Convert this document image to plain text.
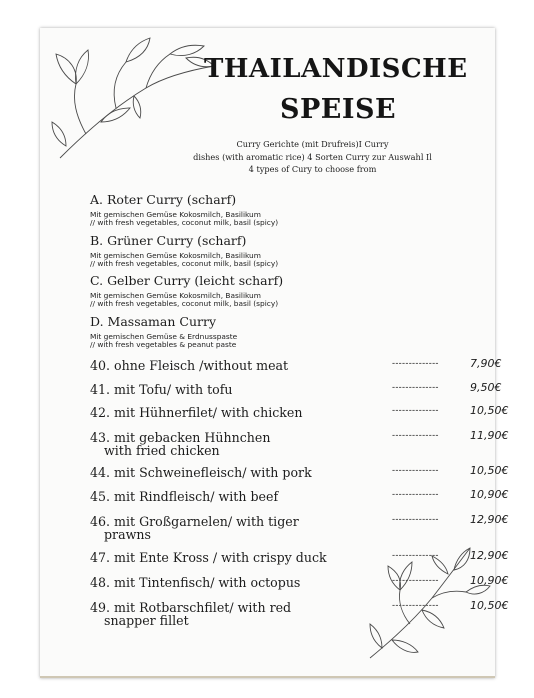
THAILANDISCHE
SPEISE
Curry Gerichte (mit Drufreis)I Curry
dishes (with aromatic rice) 4 Sorten Curry zur Auswahl Il
4 types of Cury to choose from
A. Roter Curry (scharf)
Mit gemischen Gemüse Kokosmilch, Basilikum
// with fresh vegetables, coconut milk, basil (spicy)
B. Grüner Curry (scharf)
Mit gemischen Gemüse Kokosmilch, Basilikum
// with fresh vegetables, coconut milk, basil (spicy)
C. Gelber Curry (leicht scharf)
Mit gemischen Gemüse Kokosmilch, Basilikum
// with fresh vegetables, coconut milk, basil (spicy)
D. Massaman Curry
Mit gemischen Gemüse & Erdnusspaste
// with fresh vegetables & peanut paste
40. ohne Fleisch /without meat	--------------	7,90€
41. mit Tofu/ with tofu	--------------	9,50€
42. mit Hühnerfilet/ with chicken	--------------	10,50€
43. mit gebacken Hühnchen
with fried chicken
--------------	11,90€
44. mit Schweinefleisch/ with pork	--------------	10,50€
45. mit Rindfleisch/ with beef	--------------	10,90€
46. mit Großgarnelen/ with tiger
prawns
--------------	12,90€
47. mit Ente Kross / with crispy duck	--------------	12,90€
48. mit Tintenfisch/ with octopus	--------------	10,90€
49. mit Rotbarschfilet/ with red
snapper fillet
--------------	10,50€
